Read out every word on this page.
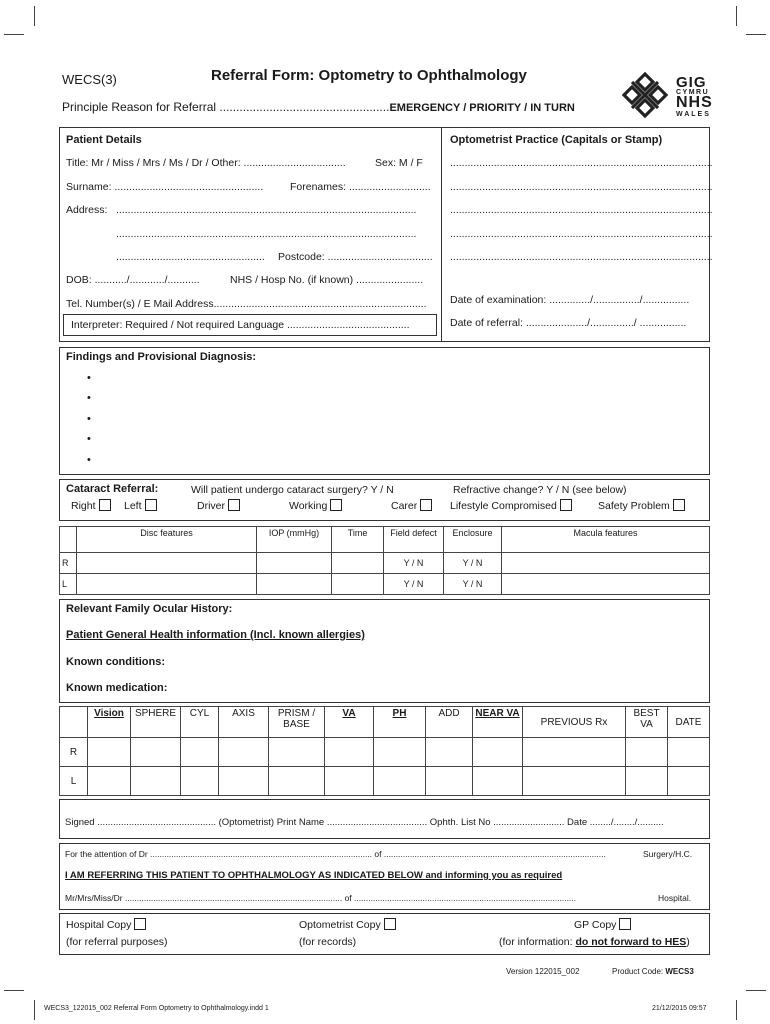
WECS(3)	Referral Form: Optometry to Ophthalmology
Principle Reason for Referral ...................................................EMERGENCY / PRIORITY / IN TURN
GIG
CYMRU
NHS
WALES
Patient Details
Title: Mr / Miss / Mrs / Ms / Dr / Other: ...................................	Sex: M / F
Surname: ...................................................	Forenames: ............................
Address: .......................................................................................................
.......................................................................................................
................................................... Postcode: ....................................
DOB: .........../............/...........	NHS / Hosp No. (if known) .......................
Tel. Number(s) / E Mail Address.........................................................................
Interpreter: Required / Not required Language ..........................................
Optometrist Practice (Capitals or Stamp)
..........................................................................................
..........................................................................................
..........................................................................................
..........................................................................................
..........................................................................................
Date of examination: ............../................/................
Date of referral: ...................../.............../ ................
Findings and Provisional Diagnosis:
•
•
•
•
•
Cataract Referral:	Will patient undergo cataract surgery? Y / N	Refractive change? Y / N (see below)
Right	Left	Driver	Working	Carer	Lifestyle Compromised	Safety Problem
	Disc features	IOP (mmHg)	Time	Field defect	Enclosure	Macula features
R				Y / N	Y / N	
L				Y / N	Y / N	
Relevant Family Ocular History:
Patient General Health information (Incl. known allergies)
Known conditions:
Known medication:
	Vision	SPHERE	CYL	AXIS	PRISM / BASE	VA	PH	ADD	NEAR VA	PREVIOUS Rx	BEST VA	DATE
R												
L												
Signed ............................................. (Optometrist) Print Name ...................................... Ophth. List No ........................... Date ......../......../..........
For the attention of Dr .............................................................................................. of ..............................................................................................	Surgery/H.C.
I AM REFERRING THIS PATIENT TO OPHTHALMOLOGY AS INDICATED BELOW and informing you as required
Mr/Mrs/Miss/Dr ............................................................................................ of ..............................................................................................	Hospital.
Hospital Copy
(for referral purposes)
Optometrist Copy
(for records)
GP Copy
(for information: do not forward to HES)
Version 122015_002	Product Code: WECS3
WECS3_122015_002 Referral Form Optometry to Ophthalmology.indd 1	21/12/2015 09:57
